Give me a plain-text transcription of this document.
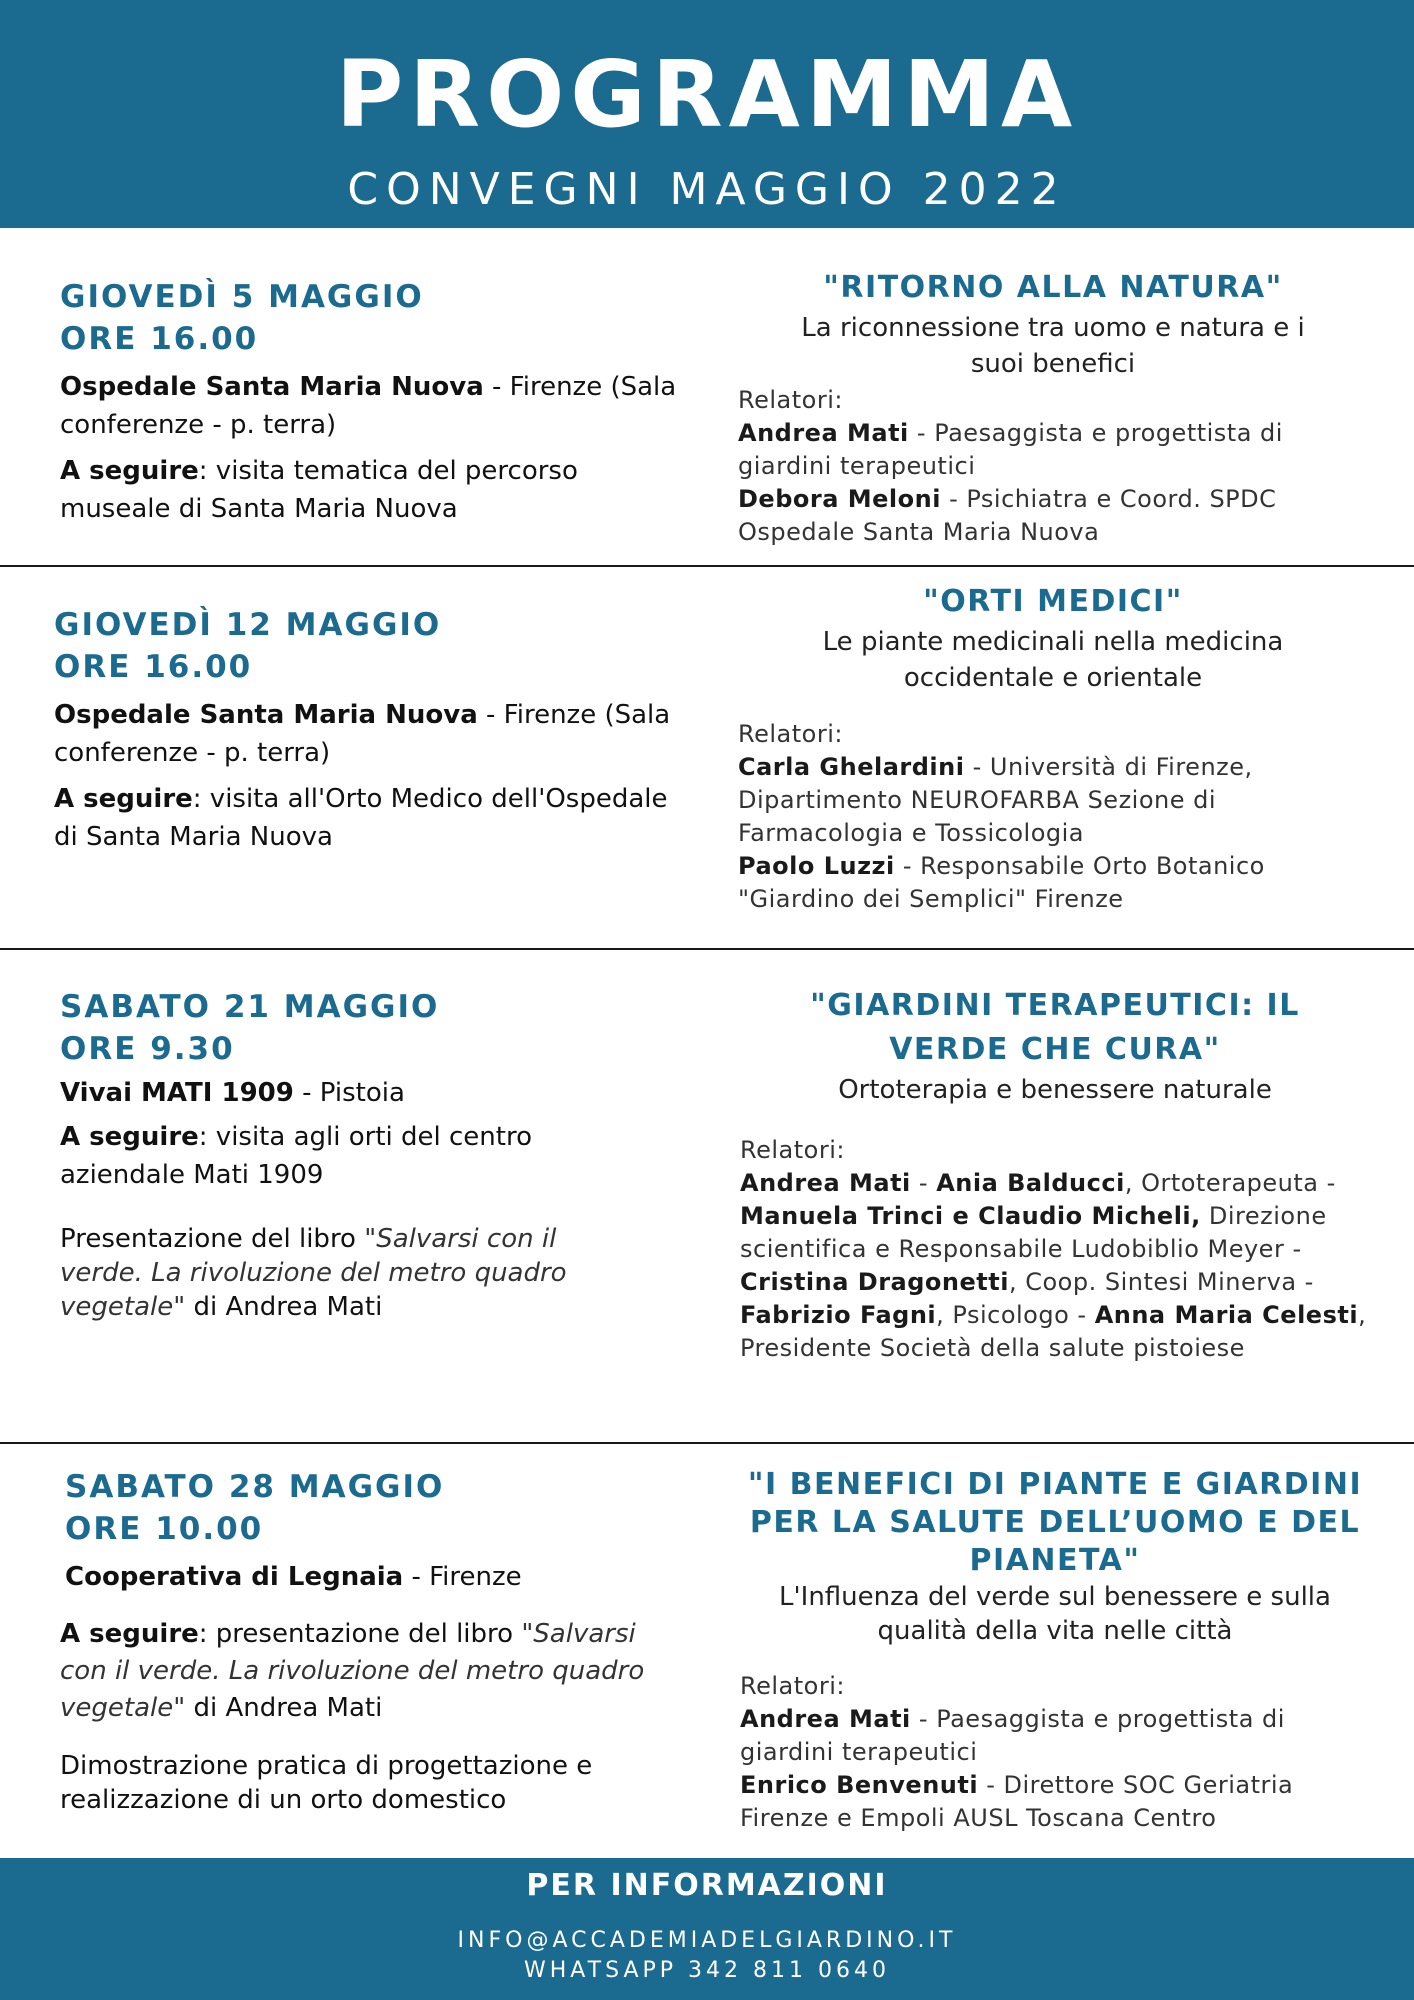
PROGRAMMA
CONVEGNI MAGGIO 2022
GIOVEDÌ 5 MAGGIO
ORE 16.00
Ospedale Santa Maria Nuova - Firenze (Sala conferenze - p. terra)
A seguire: visita tematica del percorso museale di Santa Maria Nuova
"RITORNO ALLA NATURA"
La riconnessione tra uomo e natura e i suoi benefici
Relatori:
Andrea Mati - Paesaggista e progettista di giardini terapeutici
Debora Meloni - Psichiatra e Coord. SPDC Ospedale Santa Maria Nuova
GIOVEDÌ 12 MAGGIO
ORE 16.00
Ospedale Santa Maria Nuova - Firenze (Sala conferenze - p. terra)
A seguire: visita all'Orto Medico dell'Ospedale di Santa Maria Nuova
"ORTI MEDICI"
Le piante medicinali nella medicina occidentale e orientale
Relatori:
Carla Ghelardini - Università di Firenze, Dipartimento NEUROFARBA Sezione di Farmacologia e Tossicologia
Paolo Luzzi - Responsabile Orto Botanico "Giardino dei Semplici" Firenze
SABATO 21 MAGGIO
ORE 9.30
Vivai MATI 1909 - Pistoia
A seguire: visita agli orti del centro aziendale Mati 1909
Presentazione del libro "Salvarsi con il verde. La rivoluzione del metro quadro vegetale" di Andrea Mati
"GIARDINI TERAPEUTICI: IL VERDE CHE CURA"
Ortoterapia e benessere naturale
Relatori:
Andrea Mati - Ania Balducci, Ortoterapeuta - Manuela Trinci e Claudio Micheli, Direzione scientifica e Responsabile Ludobiblio Meyer - Cristina Dragonetti, Coop. Sintesi Minerva - Fabrizio Fagni, Psicologo - Anna Maria Celesti, Presidente Società della salute pistoiese
SABATO 28 MAGGIO
ORE 10.00
Cooperativa di Legnaia - Firenze
A seguire: presentazione del libro "Salvarsi con il verde. La rivoluzione del metro quadro vegetale" di Andrea Mati
Dimostrazione pratica di progettazione e realizzazione di un orto domestico
"I BENEFICI DI PIANTE E GIARDINI PER LA SALUTE DELL’UOMO E DEL PIANETA"
L'Influenza del verde sul benessere e sulla qualità della vita nelle città
Relatori:
Andrea Mati - Paesaggista e progettista di giardini terapeutici
Enrico Benvenuti - Direttore SOC Geriatria Firenze e Empoli AUSL Toscana Centro
PER INFORMAZIONI
INFO@ACCADEMIADELGIARDINO.IT
WHATSAPP 342 811 0640
